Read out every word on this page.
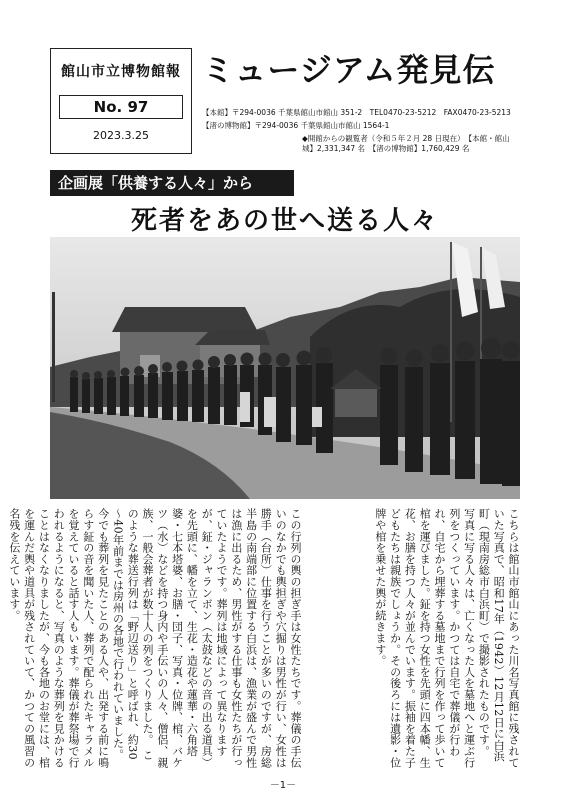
館山市立博物館報
No. 97
2023.3.25
ミュージアム発見伝
【本館】〒294-0036 千葉県館山市館山 351-2　TEL0470-23-5212　FAX0470-23-5213
【渚の博物館】〒294-0036 千葉県館山市館山 1564-1
◆開館からの観覧者（令和５年２月 28 日現在）　【本館・館山城】2,331,347 名　【渚の博物館】1,760,429 名
企画展「供養する人々」から
死者をあの世へ送る人々
こちらは館山市館山にあった川名写真館に残されていた写真で、昭和17年（1942）12月12日に白浜町（現南房総市白浜町）で撮影されたものです。 写真に写る人々は、亡くなった人を墓地へと運ぶ行列をつくっています。かつては自宅で葬儀が行われ、自宅から埋葬する墓地まで行列を作って歩いて棺を運びました。鉦を持つ女性を先頭に四本幡、生花、お膳を持つ人々が並んでいます。振袖を着た子どもたちは親族でしょうか。その後ろには遺影・位牌や棺を乗せた輿が続きます。
この行列の輿の担ぎ手は女性たちです。葬儀の手伝いのなかでも輿担ぎや穴掘りは男性が行い、女性は勝手（台所）仕事を行うことが多いのですが、房総半島の南端部に位置する白浜は、漁業が盛んで男性は漁に出るため、男性がする仕事も女性たちが行っていたようです。葬列は地域によって異なりますが、鉦・ジャランボン（太鼓などの音の出る道具）を先頭に、幡を立て、生花・造花や蓮華・六角塔婆・七本塔婆、お膳・団子、写真・位牌、棺、バケツ（水）などを持つ身内や手伝いの人々、僧侶、親族、一般会葬者が数十人の列をつくりました。 このような葬送行列は「野辺送り」と呼ばれ、約30～40年前までは房州の各地で行われていました。今でも葬列を見たことのある人や、出発する前に鳴らす鉦の音を聞いた人、葬列で配られたキャラメルを覚えていると話す人もいます。葬儀が葬祭場で行われるようになると、写真のような葬列を見かけることはなくなりましたが、今も各地のお堂には、棺を運んだ輿や道具が残されていて、かつての風習の名残を伝えています。
－1－
